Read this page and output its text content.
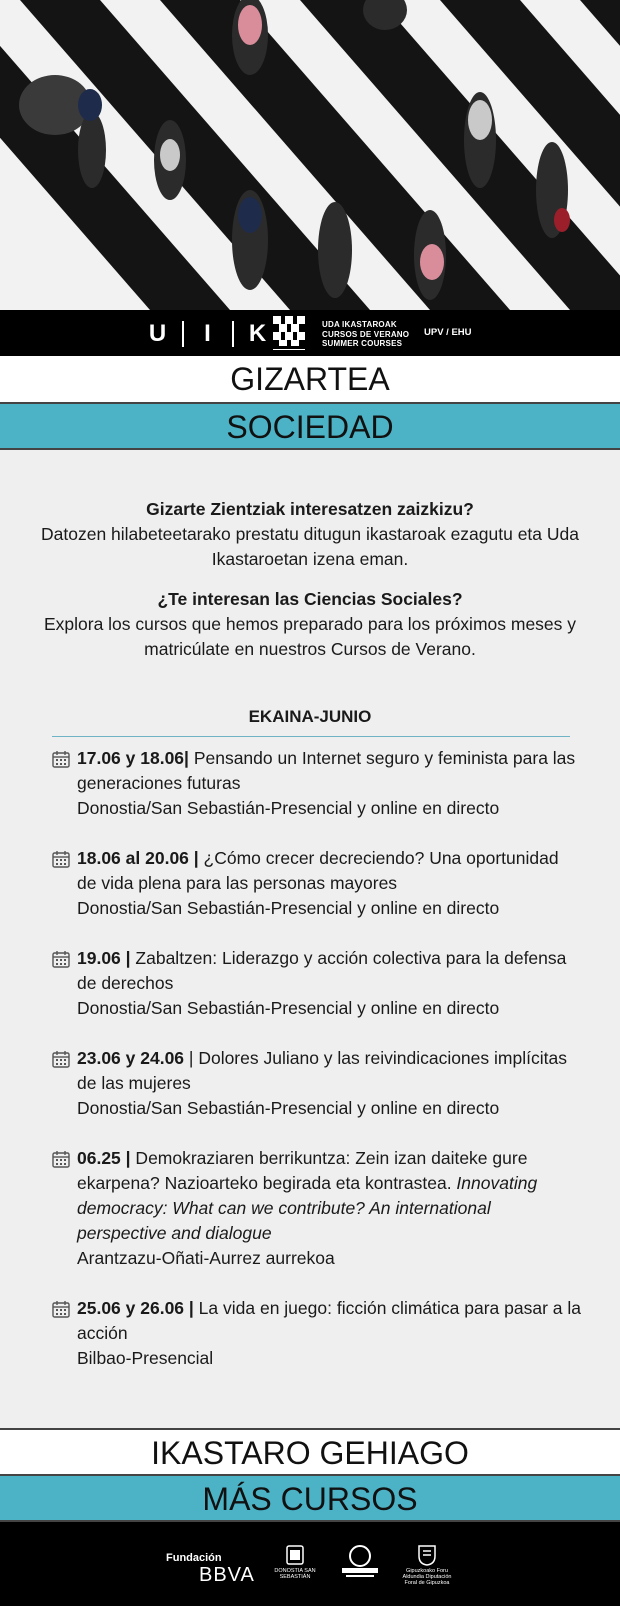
U	I	K	UDA IKASTAROAK
CURSOS DE VERANO
SUMMER COURSES
UPV / EHU
GIZARTEA
SOCIEDAD
Gizarte Zientziak interesatzen zaizkizu?
Datozen hilabeteetarako prestatu ditugun ikastaroak ezagutu eta Uda Ikastaroetan izena eman.
¿Te interesan las Ciencias Sociales?
Explora los cursos que hemos preparado para los próximos meses y matricúlate en nuestros Cursos de Verano.
EKAINA-JUNIO
17.06 y 18.06| Pensando un Internet seguro y feminista para las generaciones futuras
Donostia/San Sebastián-Presencial y online en directo
18.06 al 20.06 | ¿Cómo crecer decreciendo? Una oportunidad de vida plena para las personas mayores
Donostia/San Sebastián-Presencial y online en directo
19.06 | Zabaltzen: Liderazgo y acción colectiva para la defensa de derechos
Donostia/San Sebastián-Presencial y online en directo
23.06 y 24.06 | Dolores Juliano y las reivindicaciones implícitas de las mujeres
Donostia/San Sebastián-Presencial y online en directo
06.25 | Demokraziaren berrikuntza: Zein izan daiteke gure ekarpena? Nazioarteko begirada eta kontrastea. Innovating democracy: What can we contribute? An international perspective and dialogue
Arantzazu-Oñati-Aurrez aurrekoa
25.06 y 26.06 | La vida en juego: ficción climática para pasar a la acción
Bilbao-Presencial
IKASTARO GEHIAGO
MÁS CURSOS
Fundación
BBVA	DONOSTIA SAN SEBASTIÁN
Gipuzkoako Foru Aldundia Diputación Foral de Gipuzkoa
